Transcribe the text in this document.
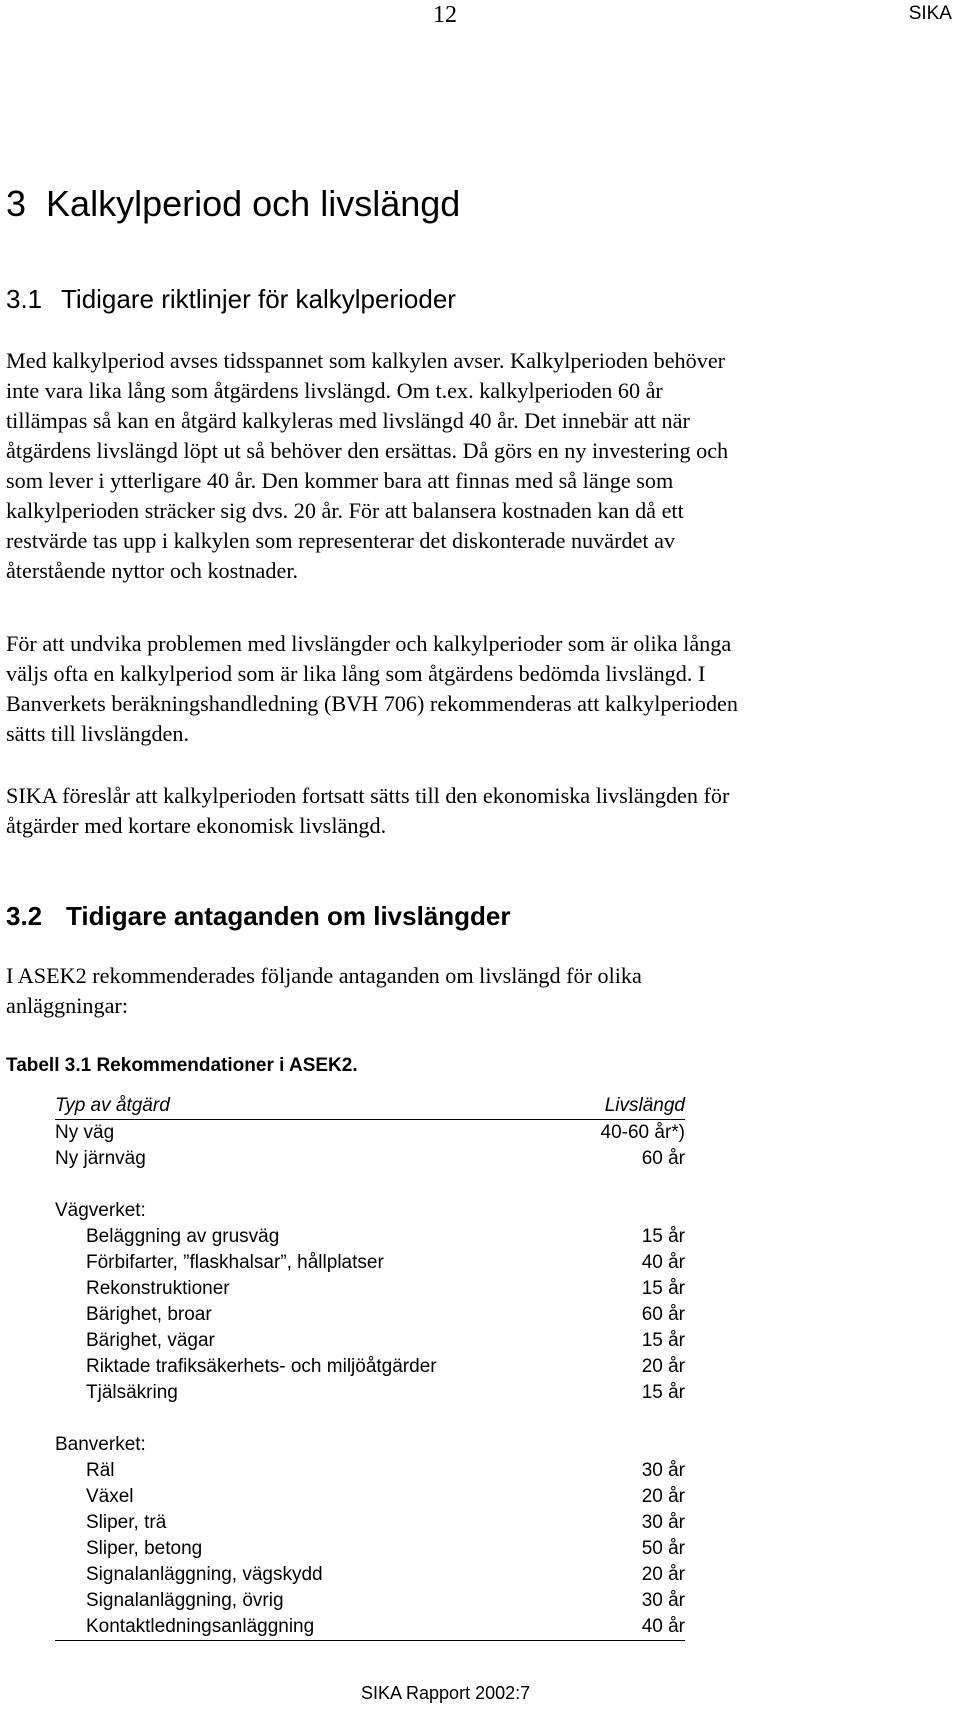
12	SIKA
3 Kalkylperiod och livslängd
3.1 Tidigare riktlinjer för kalkylperioder
Med kalkylperiod avses tidsspannet som kalkylen avser. Kalkylperioden behöver
inte vara lika lång som åtgärdens livslängd. Om t.ex. kalkylperioden 60 år
tillämpas så kan en åtgärd kalkyleras med livslängd 40 år. Det innebär att när
åtgärdens livslängd löpt ut så behöver den ersättas. Då görs en ny investering och
som lever i ytterligare 40 år. Den kommer bara att finnas med så länge som
kalkylperioden sträcker sig dvs. 20 år. För att balansera kostnaden kan då ett
restvärde tas upp i kalkylen som representerar det diskonterade nuvärdet av
återstående nyttor och kostnader.
För att undvika problemen med livslängder och kalkylperioder som är olika långa
väljs ofta en kalkylperiod som är lika lång som åtgärdens bedömda livslängd. I
Banverkets beräkningshandledning (BVH 706) rekommenderas att kalkylperioden
sätts till livslängden.
SIKA föreslår att kalkylperioden fortsatt sätts till den ekonomiska livslängden för
åtgärder med kortare ekonomisk livslängd.
3.2 Tidigare antaganden om livslängder
I ASEK2 rekommenderades följande antaganden om livslängd för olika
anläggningar:
Tabell 3.1 Rekommendationer i ASEK2.
Typ av åtgärd	Livslängd
Ny väg	40-60 år*)
Ny järnväg	60 år
Vägverket:
Beläggning av grusväg	15 år
Förbifarter, ”flaskhalsar”, hållplatser	40 år
Rekonstruktioner	15 år
Bärighet, broar	60 år
Bärighet, vägar	15 år
Riktade trafiksäkerhets- och miljöåtgärder	20 år
Tjälsäkring	15 år
Banverket:
Räl	30 år
Växel	20 år
Sliper, trä	30 år
Sliper, betong	50 år
Signalanläggning, vägskydd	20 år
Signalanläggning, övrig	30 år
Kontaktledningsanläggning	40 år
SIKA Rapport 2002:7
